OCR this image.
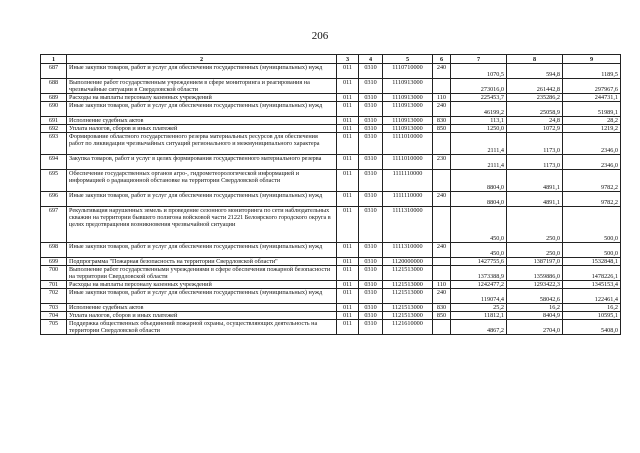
206
1	2	3	4	5	6	7	8	9
687	Иные закупки товаров, работ и услуг для обеспечения государственных (муниципальных) нужд	011	0310	1110710000	240	1070,5	594,8	1189,5
688	Выполнение работ государственным учреждением в сфере мониторинга и реагирования на чрезвычайные ситуации в Свердловской области	011	0310	1110913000		273016,0	261442,8	297967,6
689	Расходы на выплаты персоналу казенных учреждений	011	0310	1110913000	110	225453,7	235286,2	244731,1
690	Иные закупки товаров, работ и услуг для обеспечения государственных (муниципальных) нужд	011	0310	1110913000	240	46199,2	25058,9	51989,1
691	Исполнение судебных актов	011	0310	1110913000	830	113,1	24,8	28,2
692	Уплата налогов, сборов и иных платежей	011	0310	1110913000	850	1250,0	1072,9	1219,2
693	Формирование областного государственного резерва материальных ресурсов для обеспечения работ по ликвидации чрезвычайных ситуаций регионального и межмуниципального характера	011	0310	1111010000		2111,4	1173,0	2346,0
694	Закупка товаров, работ и услуг в целях формирования государственного материального резерва	011	0310	1111010000	230	2111,4	1173,0	2346,0
695	Обеспечение государственных органов агро-, гидрометеорологической информацией и информацией о радиационной обстановке на территории Свердловской области	011	0310	1111110000		8804,0	4891,1	9782,2
696	Иные закупки товаров, работ и услуг для обеспечения государственных (муниципальных) нужд	011	0310	1111110000	240	8804,0	4891,1	9782,2
697	Рекультивация нарушенных земель и проведение сезонного мониторинга по сети наблюдательных скважин на территории бывшего полигона войсковой части 21221 Белоярского городского округа в целях предотвращения возникновения чрезвычайной ситуации	011	0310	1111310000		450,0	250,0	500,0
698	Иные закупки товаров, работ и услуг для обеспечения государственных (муниципальных) нужд	011	0310	1111310000	240	450,0	250,0	500,0
699	Подпрограмма "Пожарная безопасность на территории Свердловской области"	011	0310	1120000000		1427755,6	1387197,0	1532848,1
700	Выполнение работ государственными учреждениями в сфере обеспечения пожарной безопасности на территории Свердловской области	011	0310	1121513000		1373388,9	1359886,0	1478226,1
701	Расходы на выплаты персоналу казенных учреждений	011	0310	1121513000	110	1242477,2	1293422,3	1345153,4
702	Иные закупки товаров, работ и услуг для обеспечения государственных (муниципальных) нужд	011	0310	1121513000	240	119074,4	58042,6	122461,4
703	Исполнение судебных актов	011	0310	1121513000	830	25,2	16,2	16,2
704	Уплата налогов, сборов и иных платежей	011	0310	1121513000	850	11812,1	8404,9	10595,1
705	Поддержка общественных объединений пожарной охраны, осуществляющих деятельность на территории Свердловской области	011	0310	1121610000		4867,2	2704,0	5408,0
